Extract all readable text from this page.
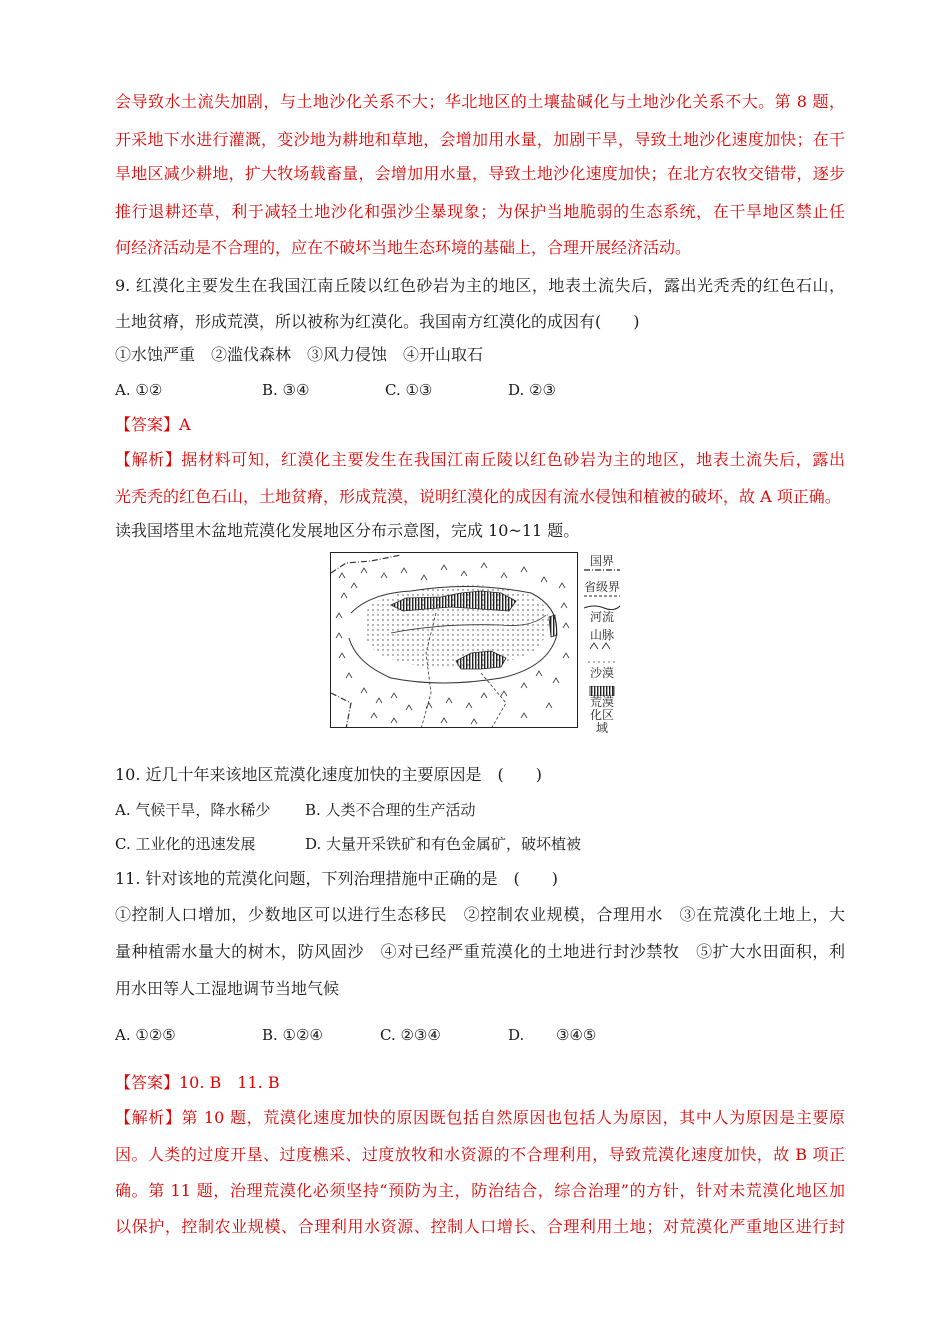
会导致水土流失加剧，与土地沙化关系不大；华北地区的土壤盐碱化与土地沙化关系不大。第 8 题，
开采地下水进行灌溉，变沙地为耕地和草地，会增加用水量，加剧干旱，导致土地沙化速度加快；在干
旱地区减少耕地，扩大牧场载畜量，会增加用水量，导致土地沙化速度加快；在北方农牧交错带，逐步
推行退耕还草，利于减轻土地沙化和强沙尘暴现象；为保护当地脆弱的生态系统，在干旱地区禁止任
何经济活动是不合理的，应在不破坏当地生态环境的基础上，合理开展经济活动。
9. 红漠化主要发生在我国江南丘陵以红色砂岩为主的地区，地表土流失后，露出光秃秃的红色石山，
土地贫瘠，形成荒漠，所以被称为红漠化。我国南方红漠化的成因有(　　)
①水蚀严重　②滥伐森林　③风力侵蚀　④开山取石
A. ①②	B. ③④	C. ①③	D. ②③
【答案】A
【解析】据材料可知，红漠化主要发生在我国江南丘陵以红色砂岩为主的地区，地表土流失后，露出
光秃秃的红色石山，土地贫瘠，形成荒漠，说明红漠化的成因有流水侵蚀和植被的破坏，故 A 项正确。
读我国塔里木盆地荒漠化发展地区分布示意图，完成 10~11 题。
国界
省级界
河流
山脉
沙漠
荒漠化区域
10. 近几十年来该地区荒漠化速度加快的主要原因是　(　　)
A. 气候干旱，降水稀少 B. 人类不合理的生产活动
C. 工业化的迅速发展	D. 大量开采铁矿和有色金属矿，破坏植被
11. 针对该地的荒漠化问题，下列治理措施中正确的是　(　　)
①控制人口增加，少数地区可以进行生态移民　②控制农业规模，合理用水　③在荒漠化土地上，大
量种植需水量大的树木，防风固沙　④对已经严重荒漠化的土地进行封沙禁牧　⑤扩大水田面积，利
用水田等人工湿地调节当地气候
A. ①②⑤	B. ①②④	C. ②③④	D. ③④⑤
【答案】10. B　11. B
【解析】第 10 题，荒漠化速度加快的原因既包括自然原因也包括人为原因，其中人为原因是主要原
因。人类的过度开垦、过度樵采、过度放牧和水资源的不合理利用，导致荒漠化速度加快，故 B 项正
确。第 11 题，治理荒漠化必须坚持“预防为主，防治结合，综合治理”的方针，针对未荒漠化地区加
以保护，控制农业规模、合理利用水资源、控制人口增长、合理利用土地；对荒漠化严重地区进行封
